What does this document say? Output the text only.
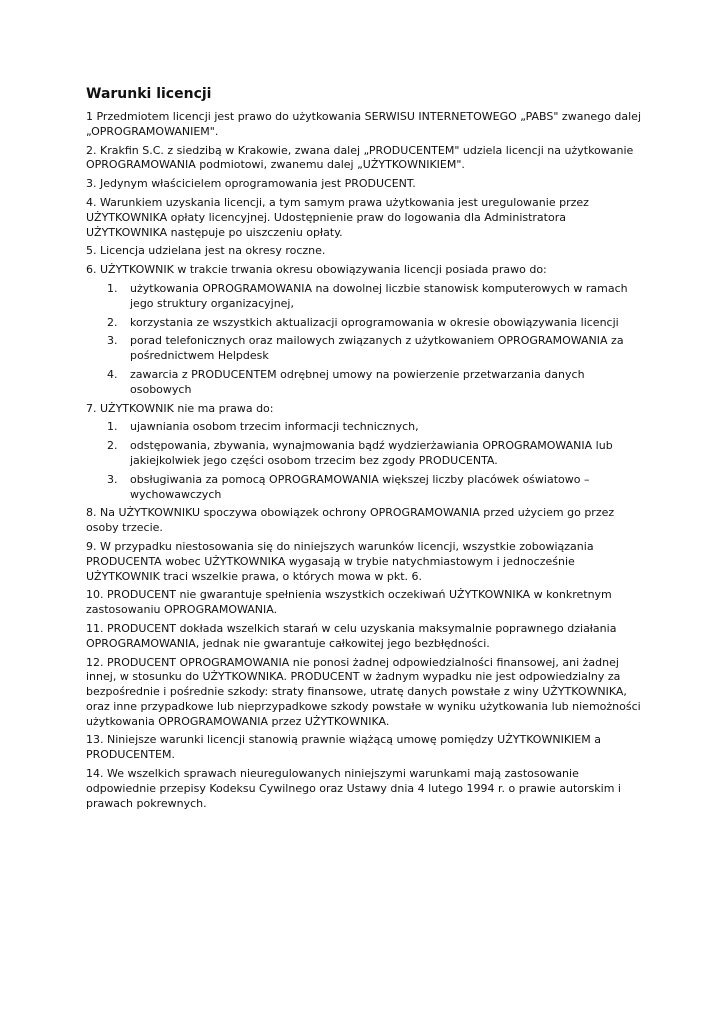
Warunki licencji

1 Przedmiotem licencji jest prawo do użytkowania SERWISU INTERNETOWEGO „PABS" zwanego dalej „OPROGRAMOWANIEM".

2. Krakfin S.C. z siedzibą w Krakowie, zwana dalej „PRODUCENTEM" udziela licencji na użytkowanie OPROGRAMOWANIA podmiotowi, zwanemu dalej „UŻYTKOWNIKIEM".

3. Jedynym właścicielem oprogramowania jest PRODUCENT.

4. Warunkiem uzyskania licencji, a tym samym prawa użytkowania jest uregulowanie przez UŻYTKOWNIKA opłaty licencyjnej. Udostępnienie praw do logowania dla Administratora UŻYTKOWNIKA następuje po uiszczeniu opłaty.

5. Licencja udzielana jest na okresy roczne.

6. UŻYTKOWNIK w trakcie trwania okresu obowiązywania licencji posiada prawo do:

1. użytkowania OPROGRAMOWANIA na dowolnej liczbie stanowisk komputerowych w ramach jego struktury organizacyjnej,
2. korzystania ze wszystkich aktualizacji oprogramowania w okresie obowiązywania licencji
3. porad telefonicznych oraz mailowych związanych z użytkowaniem OPROGRAMOWANIA za pośrednictwem Helpdesk
4. zawarcia z PRODUCENTEM odrębnej umowy na powierzenie przetwarzania danych osobowych

7. UŻYTKOWNIK nie ma prawa do:

1. ujawniania osobom trzecim informacji technicznych,
2. odstępowania, zbywania, wynajmowania bądź wydzierżawiania OPROGRAMOWANIA lub jakiejkolwiek jego części osobom trzecim bez zgody PRODUCENTA.
3. obsługiwania za pomocą OPROGRAMOWANIA większej liczby placówek oświatowo – wychowawczych

8. Na UŻYTKOWNIKU spoczywa obowiązek ochrony OPROGRAMOWANIA przed użyciem go przez osoby trzecie.

9. W przypadku niestosowania się do niniejszych warunków licencji, wszystkie zobowiązania PRODUCENTA wobec UŻYTKOWNIKA wygasają w trybie natychmiastowym i jednocześnie UŻYTKOWNIK traci wszelkie prawa, o których mowa w pkt. 6.

10. PRODUCENT nie gwarantuje spełnienia wszystkich oczekiwań UŻYTKOWNIKA w konkretnym zastosowaniu OPROGRAMOWANIA.

11. PRODUCENT dokłada wszelkich starań w celu uzyskania maksymalnie poprawnego działania OPROGRAMOWANIA, jednak nie gwarantuje całkowitej jego bezbłędności.

12. PRODUCENT OPROGRAMOWANIA nie ponosi żadnej odpowiedzialności finansowej, ani żadnej innej, w stosunku do UŻYTKOWNIKA. PRODUCENT w żadnym wypadku nie jest odpowiedzialny za bezpośrednie i pośrednie szkody: straty finansowe, utratę danych powstałe z winy UŻYTKOWNIKA, oraz inne przypadkowe lub nieprzypadkowe szkody powstałe w wyniku użytkowania lub niemożności użytkowania OPROGRAMOWANIA przez UŻYTKOWNIKA.

13. Niniejsze warunki licencji stanowią prawnie wiążącą umowę pomiędzy UŻYTKOWNIKIEM a PRODUCENTEM.

14. We wszelkich sprawach nieuregulowanych niniejszymi warunkami mają zastosowanie odpowiednie przepisy Kodeksu Cywilnego oraz Ustawy dnia 4 lutego 1994 r. o prawie autorskim i prawach pokrewnych.
